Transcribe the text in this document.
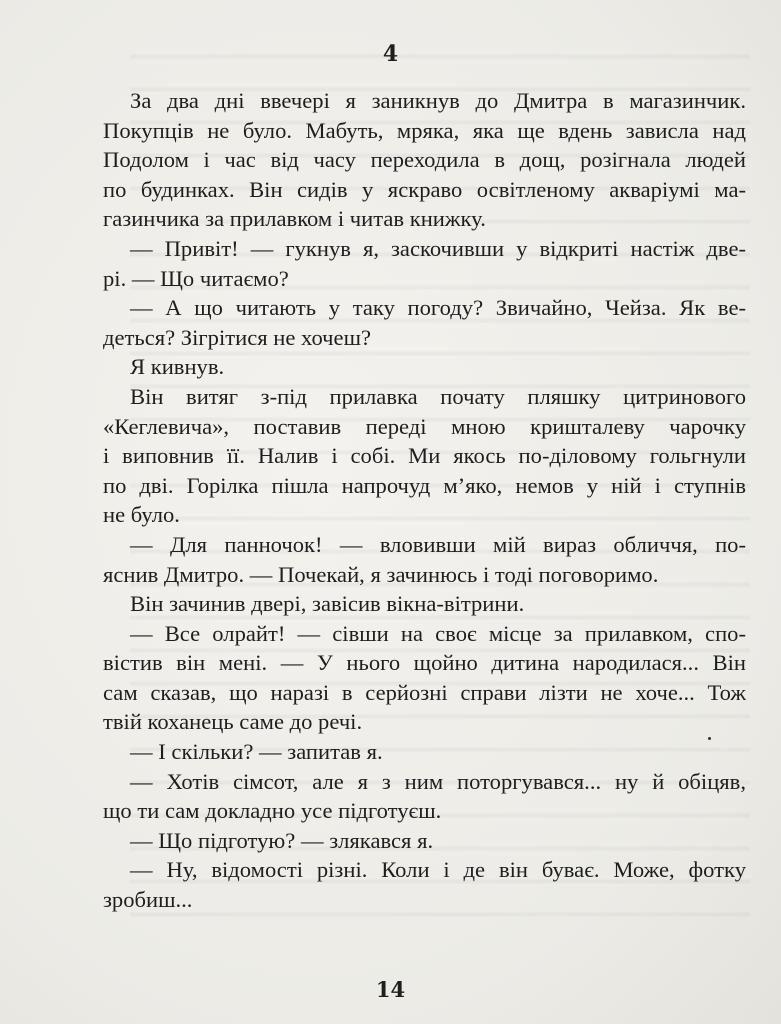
4

За два дні ввечері я заникнув до Дмитра в магазинчик.

Покупців не було. Мабуть, мряка, яка ще вдень зависла над

Подолом і час від часу переходила в дощ, розігнала людей

по будинках. Він сидів у яскраво освітленому акваріумі ма-

газинчика за прилавком і читав книжку.

— Привіт! — гукнув я, заскочивши у відкриті настіж две-

рі. — Що читаємо?

— А що читають у таку погоду? Звичайно, Чейза. Як ве-

деться? Зігрітися не хочеш?

Я кивнув.

Він витяг з-під прилавка почату пляшку цитринового

«Кеглевича», поставив переді мною кришталеву чарочку

і виповнив її. Налив і собі. Ми якось по-діловому гольгнули

по дві. Горілка пішла напрочуд м’яко, немов у ній і ступнів

не було.

— Для панночок! — вловивши мій вираз обличчя, по-

яснив Дмитро. — Почекай, я зачинюсь і тоді поговоримо.

Він зачинив двері, завісив вікна-вітрини.

— Все олрайт! — сівши на своє місце за прилавком, спо-

вістив він мені. — У нього щойно дитина народилася... Він

сам сказав, що наразі в серйозні справи лізти не хоче... Тож

твій коханець саме до речі.

— І скільки? — запитав я.

— Хотів сімсот, але я з ним поторгувався... ну й обіцяв,

що ти сам докладно усе підготуєш.

— Що підготую? — злякався я.

— Ну, відомості різні. Коли і де він буває. Може, фотку

зробиш...

14
